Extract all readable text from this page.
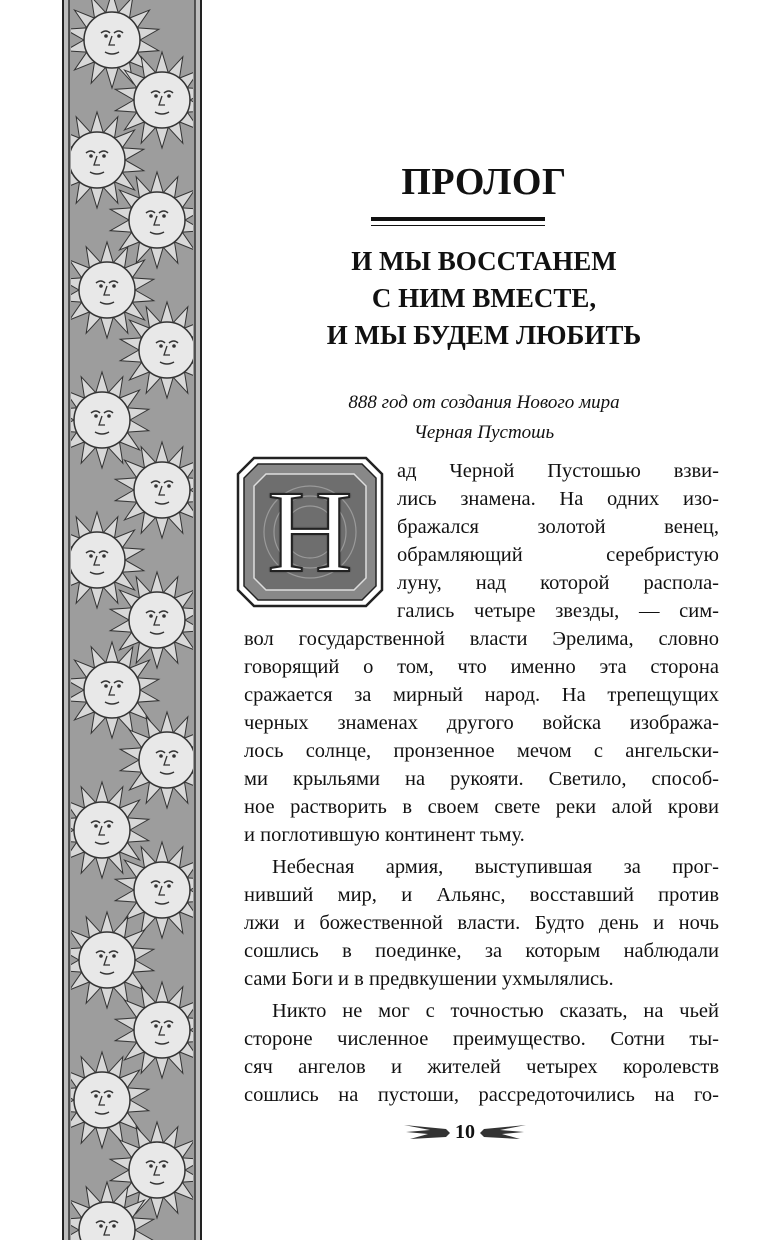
ПРОЛОГ
И МЫ ВОССТАНЕМ
С НИМ ВМЕСТЕ,
И МЫ БУДЕМ ЛЮБИТЬ
888 год от создания Нового мира
Черная Пустошь
Н	ад Черной Пустошью взви-
лись знамена. На одних изо-
бражался золотой венец,
обрамляющий серебристую
луну, над которой распола-
гались четыре звезды, — сим-
вол государственной власти Эрелима, словно
говорящий о том, что именно эта сторона
сражается за мирный народ. На трепещущих
черных знаменах другого войска изобража-
лось солнце, пронзенное мечом с ангельски-
ми крыльями на рукояти. Светило, способ-
ное растворить в своем свете реки алой крови
и поглотившую континент тьму.
Небесная армия, выступившая за прог-
нивший мир, и Альянс, восставший против
лжи и божественной власти. Будто день и ночь
сошлись в поединке, за которым наблюдали
сами Боги и в предвкушении ухмылялись.
Никто не мог с точностью сказать, на чьей
стороне численное преимущество. Сотни ты-
сяч ангелов и жителей четырех королевств
сошлись на пустоши, рассредоточились на го-
10
